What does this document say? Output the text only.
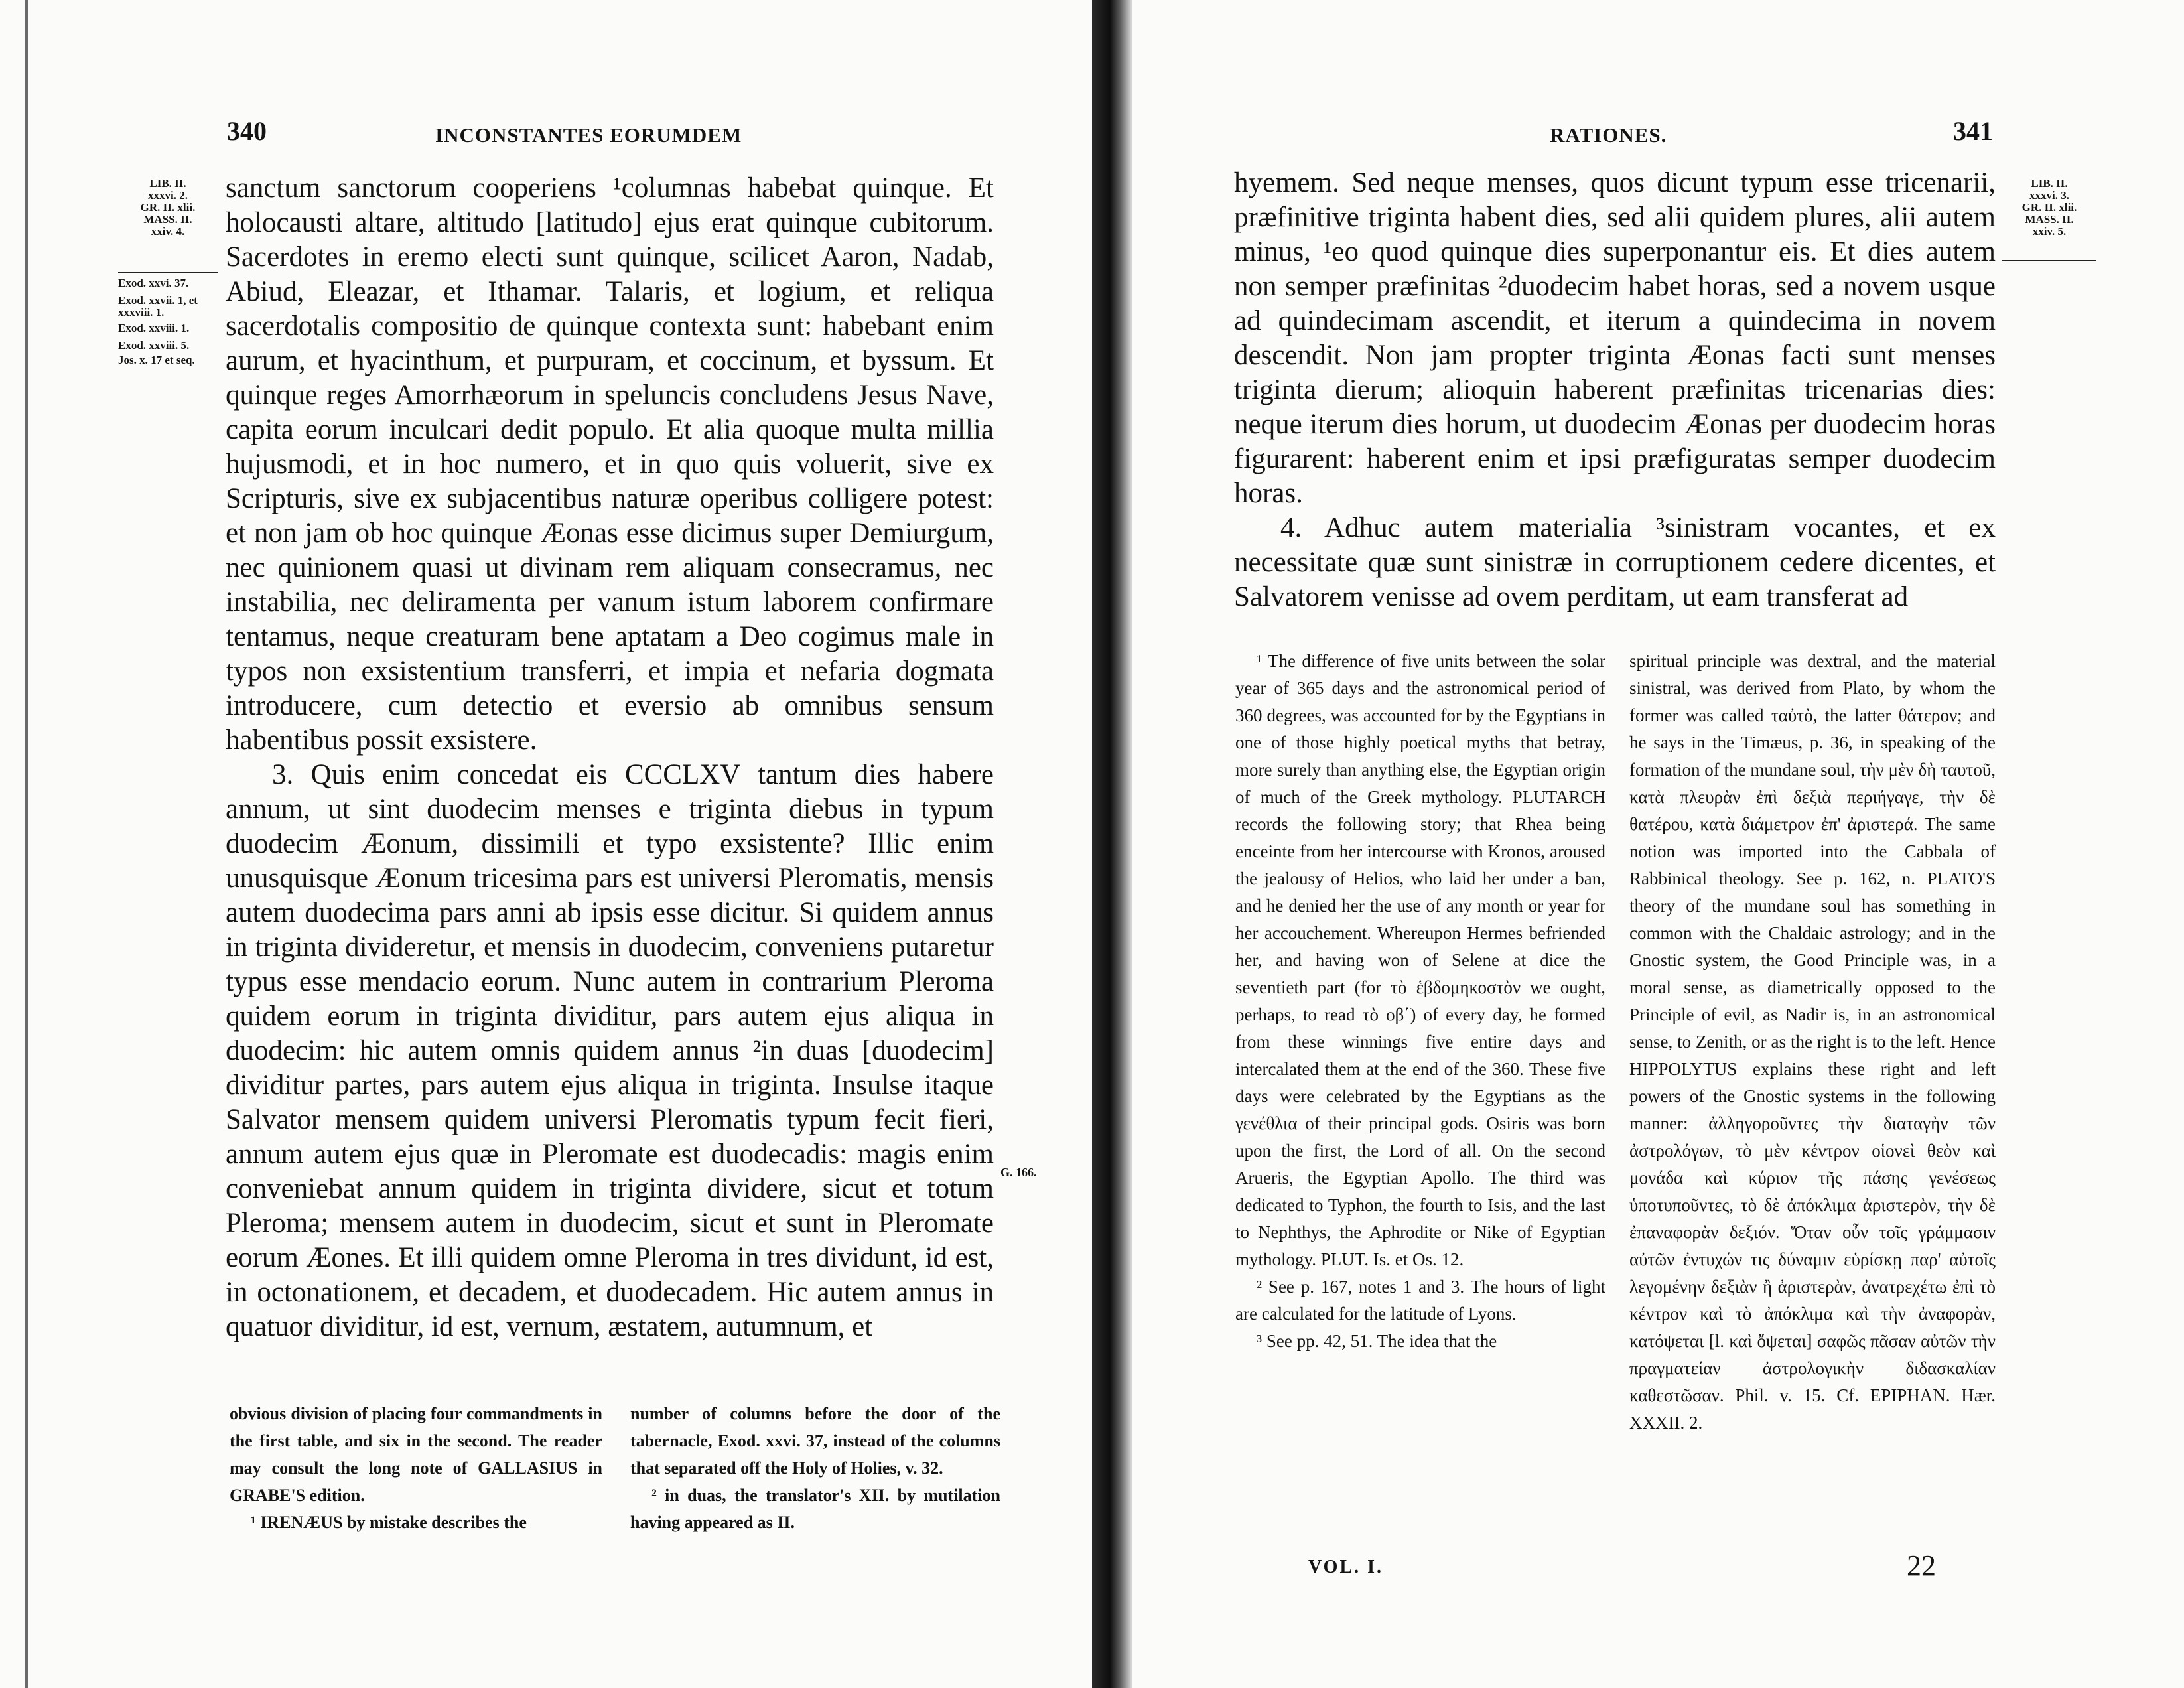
340	INCONSTANTES EORUMDEM
LIB. II.
xxxvi. 2.
GR. II. xlii.
MASS. II.
xxiv. 4.
Exod. xxvi. 37.
Exod. xxvii. 1, et xxxviii. 1.
Exod. xxviii. 1.
Exod. xxviii. 5.
Jos. x. 17 et seq.

sanctum sanctorum cooperiens ¹columnas habebat quinque. Et holocausti altare, altitudo [latitudo] ejus erat quinque cubitorum. Sacerdotes in eremo electi sunt quinque, scilicet Aaron, Nadab, Abiud, Eleazar, et Ithamar. Talaris, et logium, et reliqua sacerdotalis compositio de quinque contexta sunt: habebant enim aurum, et hyacinthum, et purpuram, et coccinum, et byssum. Et quinque reges Amorrhæorum in speluncis concludens Jesus Nave, capita eorum inculcari dedit populo. Et alia quoque multa millia hujusmodi, et in hoc numero, et in quo quis voluerit, sive ex Scripturis, sive ex subjacentibus naturæ operibus colligere potest: et non jam ob hoc quinque Æonas esse dicimus super Demiurgum, nec quinionem quasi ut divinam rem aliquam consecramus, nec instabilia, nec deliramenta per vanum istum laborem confirmare tentamus, neque creaturam bene aptatam a Deo cogimus male in typos non exsistentium transferri, et impia et nefaria dogmata introducere, cum detectio et eversio ab omnibus sensum habentibus possit exsistere.

3. Quis enim concedat eis CCCLXV tantum dies habere annum, ut sint duodecim menses e triginta diebus in typum duodecim Æonum, dissimili et typo exsistente? Illic enim unusquisque Æonum tricesima pars est universi Pleromatis, mensis autem duodecima pars anni ab ipsis esse dicitur. Si quidem annus in triginta divideretur, et mensis in duodecim, conveniens putaretur typus esse mendacio eorum. Nunc autem in contrarium Pleroma quidem eorum in triginta dividitur, pars autem ejus aliqua in duodecim: hic autem omnis quidem annus ²in duas [duodecim] dividitur partes, pars autem ejus aliqua in triginta. Insulse itaque Salvator mensem quidem universi Pleromatis typum fecit fieri, annum autem ejus quæ in Pleromate est duodecadis: magis enim conveniebat annum quidem in triginta dividere, sicut et totum Pleroma; mensem autem in duodecim, sicut et sunt in Pleromate eorum Æones. Et illi quidem omne Pleroma in tres dividunt, id est, in octonationem, et decadem, et duodecadem. Hic autem annus in quatuor dividitur, id est, vernum, æstatem, autumnum, et

G. 166.

obvious division of placing four commandments in the first table, and six in the second. The reader may consult the long note of GALLASIUS in GRABE'S edition.

¹ IRENÆUS by mistake describes the

number of columns before the door of the tabernacle, Exod. xxvi. 37, instead of the columns that separated off the Holy of Holies, v. 32.

² in duas, the translator's XII. by mutilation having appeared as II.

RATIONES.	341

hyemem. Sed neque menses, quos dicunt typum esse tricenarii, præfinitive triginta habent dies, sed alii quidem plures, alii autem minus, ¹eo quod quinque dies superponantur eis. Et dies autem non semper præfinitas ²duodecim habet horas, sed a novem usque ad quindecimam ascendit, et iterum a quindecima in novem descendit. Non jam propter triginta Æonas facti sunt menses triginta dierum; alioquin haberent præfinitas tricenarias dies: neque iterum dies horum, ut duodecim Æonas per duodecim horas figurarent: haberent enim et ipsi præfiguratas semper duodecim horas.

4. Adhuc autem materialia ³sinistram vocantes, et ex necessitate quæ sunt sinistræ in corruptionem cedere dicentes, et Salvatorem venisse ad ovem perditam, ut eam transferat ad

LIB. II.
xxxvi. 3.
GR. II. xlii.
MASS. II.
xxiv. 5.

¹ The difference of five units between the solar year of 365 days and the astronomical period of 360 degrees, was accounted for by the Egyptians in one of those highly poetical myths that betray, more surely than anything else, the Egyptian origin of much of the Greek mythology. PLUTARCH records the following story; that Rhea being enceinte from her intercourse with Kronos, aroused the jealousy of Helios, who laid her under a ban, and he denied her the use of any month or year for her accouchement. Whereupon Hermes befriended her, and having won of Selene at dice the seventieth part (for τὸ ἑβδομηκοστὸν we ought, perhaps, to read τὸ οβ΄) of every day, he formed from these winnings five entire days and intercalated them at the end of the 360. These five days were celebrated by the Egyptians as the γενέθλια of their principal gods. Osiris was born upon the first, the Lord of all. On the second Arueris, the Egyptian Apollo. The third was dedicated to Typhon, the fourth to Isis, and the last to Nephthys, the Aphrodite or Nike of Egyptian mythology. PLUT. Is. et Os. 12.

² See p. 167, notes 1 and 3. The hours of light are calculated for the latitude of Lyons.

³ See pp. 42, 51. The idea that the

spiritual principle was dextral, and the material sinistral, was derived from Plato, by whom the former was called ταὐτὸ, the latter θάτερον; and he says in the Timæus, p. 36, in speaking of the formation of the mundane soul, τὴν μὲν δὴ ταυτοῦ, κατὰ πλευρὰν ἐπὶ δεξιὰ περιήγαγε, τὴν δὲ θατέρου, κατὰ διάμετρον ἐπ' ἀριστερά. The same notion was imported into the Cabbala of Rabbinical theology. See p. 162, n. PLATO'S theory of the mundane soul has something in common with the Chaldaic astrology; and in the Gnostic system, the Good Principle was, in a moral sense, as diametrically opposed to the Principle of evil, as Nadir is, in an astronomical sense, to Zenith, or as the right is to the left. Hence HIPPOLYTUS explains these right and left powers of the Gnostic systems in the following manner: ἀλληγοροῦντες τὴν διαταγὴν τῶν ἀστρολόγων, τὸ μὲν κέντρον οἱονεὶ θεὸν καὶ μονάδα καὶ κύριον τῆς πάσης γενέσεως ὑποτυποῦντες, τὸ δὲ ἀπόκλιμα ἀριστερὸν, τὴν δὲ ἐπαναφορὰν δεξιόν. Ὅταν οὖν τοῖς γράμμασιν αὐτῶν ἐντυχών τις δύναμιν εὑρίσκῃ παρ' αὐτοῖς λεγομένην δεξιὰν ἢ ἀριστερὰν, ἀνατρεχέτω ἐπὶ τὸ κέντρον καὶ τὸ ἀπόκλιμα καὶ τὴν ἀναφορὰν, κατόψεται [l. καὶ ὄψεται] σαφῶς πᾶσαν αὐτῶν τὴν πραγματείαν ἀστρολογικὴν διδασκαλίαν καθεστῶσαν. Phil. v. 15. Cf. EPIPHAN. Hær. XXXII. 2.

VOL. I.	22
